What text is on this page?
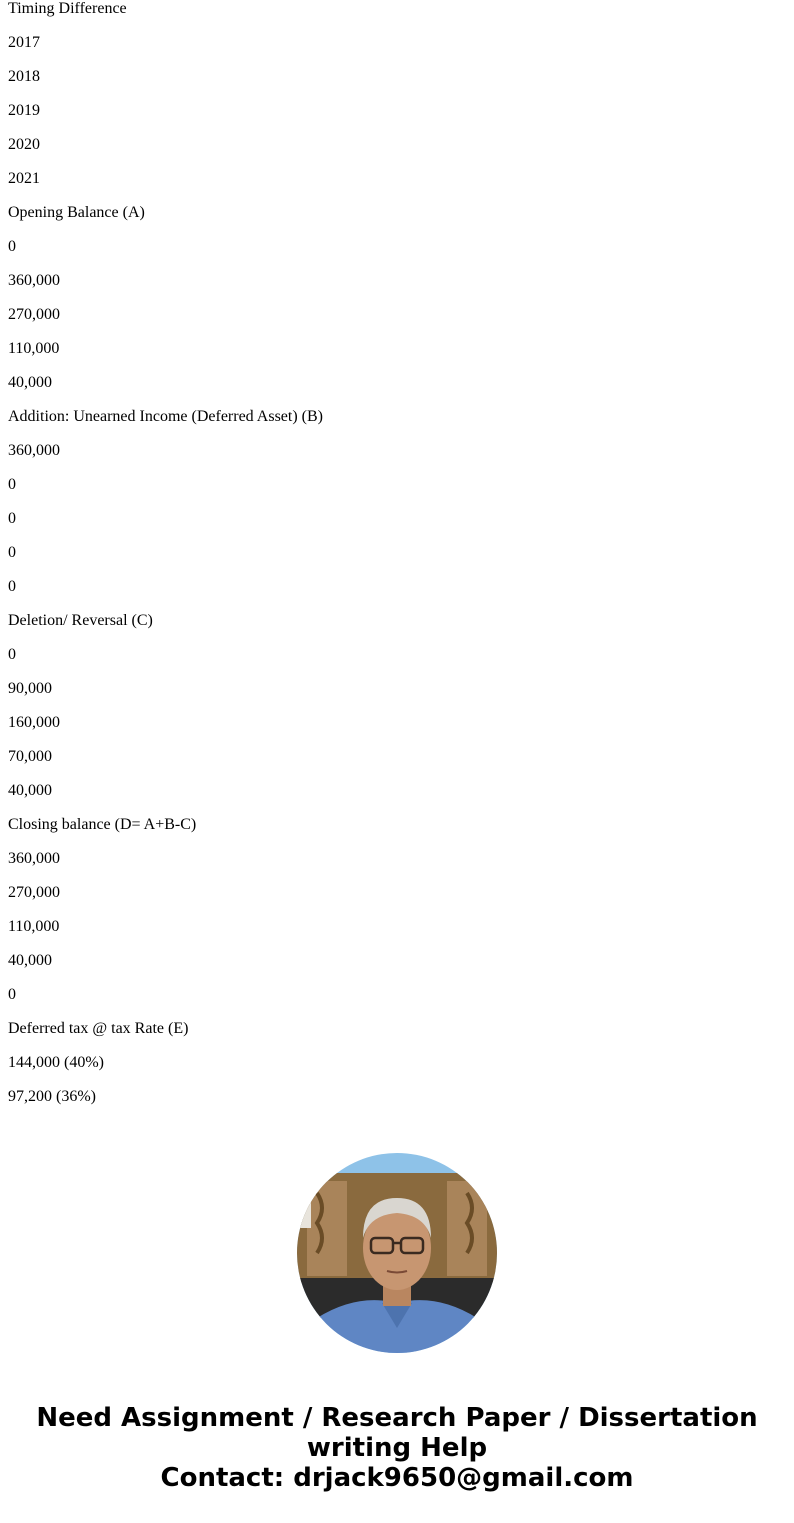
Timing Difference
2017
2018
2019
2020
2021
Opening Balance (A)
0
360,000
270,000
110,000
40,000
Addition: Unearned Income (Deferred Asset) (B)
360,000
0
0
0
0
Deletion/ Reversal (C)
0
90,000
160,000
70,000
40,000
Closing balance (D= A+B-C)
360,000
270,000
110,000
40,000
0
Deferred tax @ tax Rate (E)
144,000 (40%)
97,200 (36%)
Need Assignment / Research Paper / Dissertation
writing Help
Contact: drjack9650@gmail.com
